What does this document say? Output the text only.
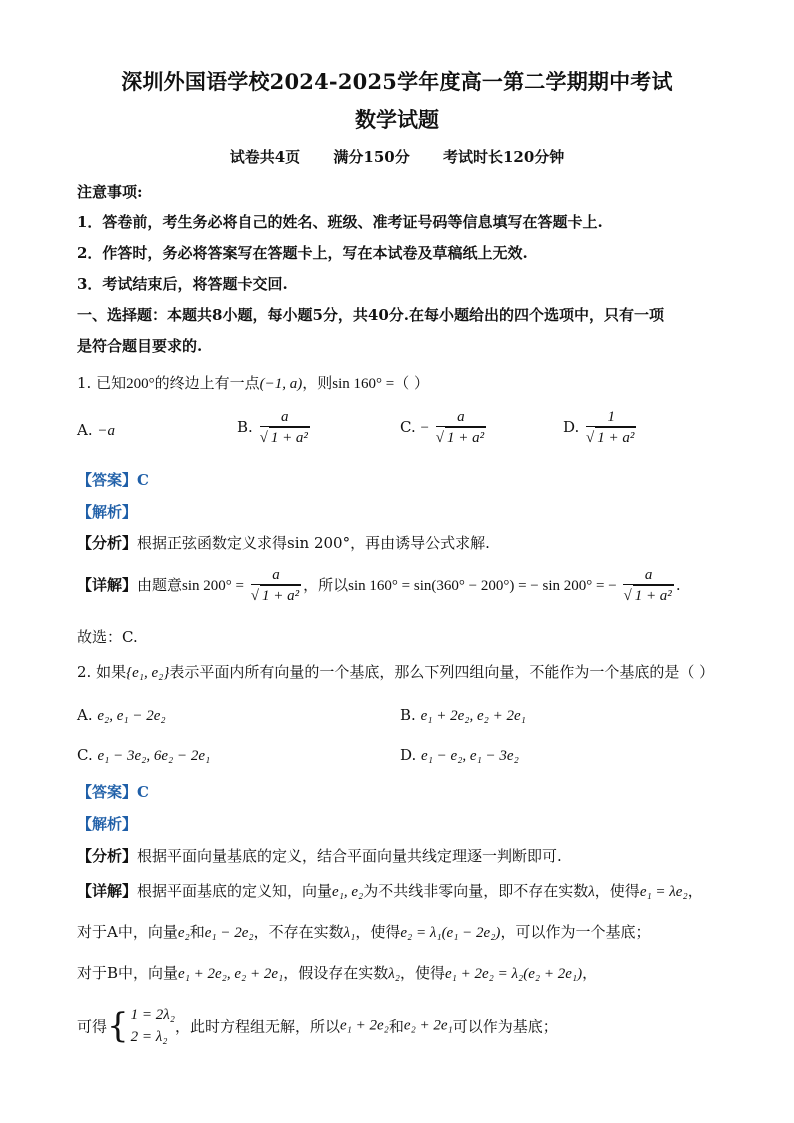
深圳外国语学校2024-2025学年度高一第二学期期中考试
数学试题
试卷共4页 满分150分 考试时长120分钟
注意事项:
1．答卷前，考生务必将自己的姓名、班级、准考证号码等信息填写在答题卡上.
2．作答时，务必将答案写在答题卡上，写在本试卷及草稿纸上无效.
3．考试结束后，将答题卡交回.
一、选择题：本题共8小题，每小题5分，共40分.在每小题给出的四个选项中，只有一项
是符合题目要求的.
1. 已知200°的终边上有一点(−1, a)，则sin 160° =（ ）
A. −a	B. $\frac{a}{\text{√ 1 + a²}}$	C. − $\frac{a}{\text{√ 1 + a²}}$	D. $\frac{1}{\text{√ 1 + a²}}$
【答案】C
【解析】
【分析】根据正弦函数定义求得sin 200°，再由诱导公式求解.
【详解】由题意$\sin 200^\circ = \frac{a}{\text{√ 1 + a²}}$ ，所以sin 160° = sin(360° − 200°) = − sin 200° = − $\frac{a}{\text{√ 1 + a²}}$ .
故选：C.
2. 如果{e₁, e₂}表示平面内所有向量的一个基底，那么下列四组向量，不能作为一个基底的是（ ）
A. e₂, e₁ − 2e₂	B. e₁ + 2e₂, e₂ + 2e₁
C. e₁ − 3e₂, 6e₂ − 2e₁	D. e₁ − e₂, e₁ − 3e₂
【答案】C
【解析】
【分析】根据平面向量基底的定义，结合平面向量共线定理逐一判断即可.
【详解】根据平面基底的定义知，向量e₁, e₂为不共线非零向量，即不存在实数λ，使得e₁ = λe₂，
对于A中，向量e₂和e₁ − 2e₂，不存在实数λ₁，使得e₂ = λ₁(e₁ − 2e₂)，可以作为一个基底；
对于B中，向量e₁ + 2e₂, e₂ + 2e₁，假设存在实数λ₂，使得e₁ + 2e₂ = λ₂(e₂ + 2e₁)，
可得{ 1 = 2λ₂
2 = λ₂
，此时方程组无解，所以e₁ + 2e₂和e₂ + 2e₁可以作为基底；
